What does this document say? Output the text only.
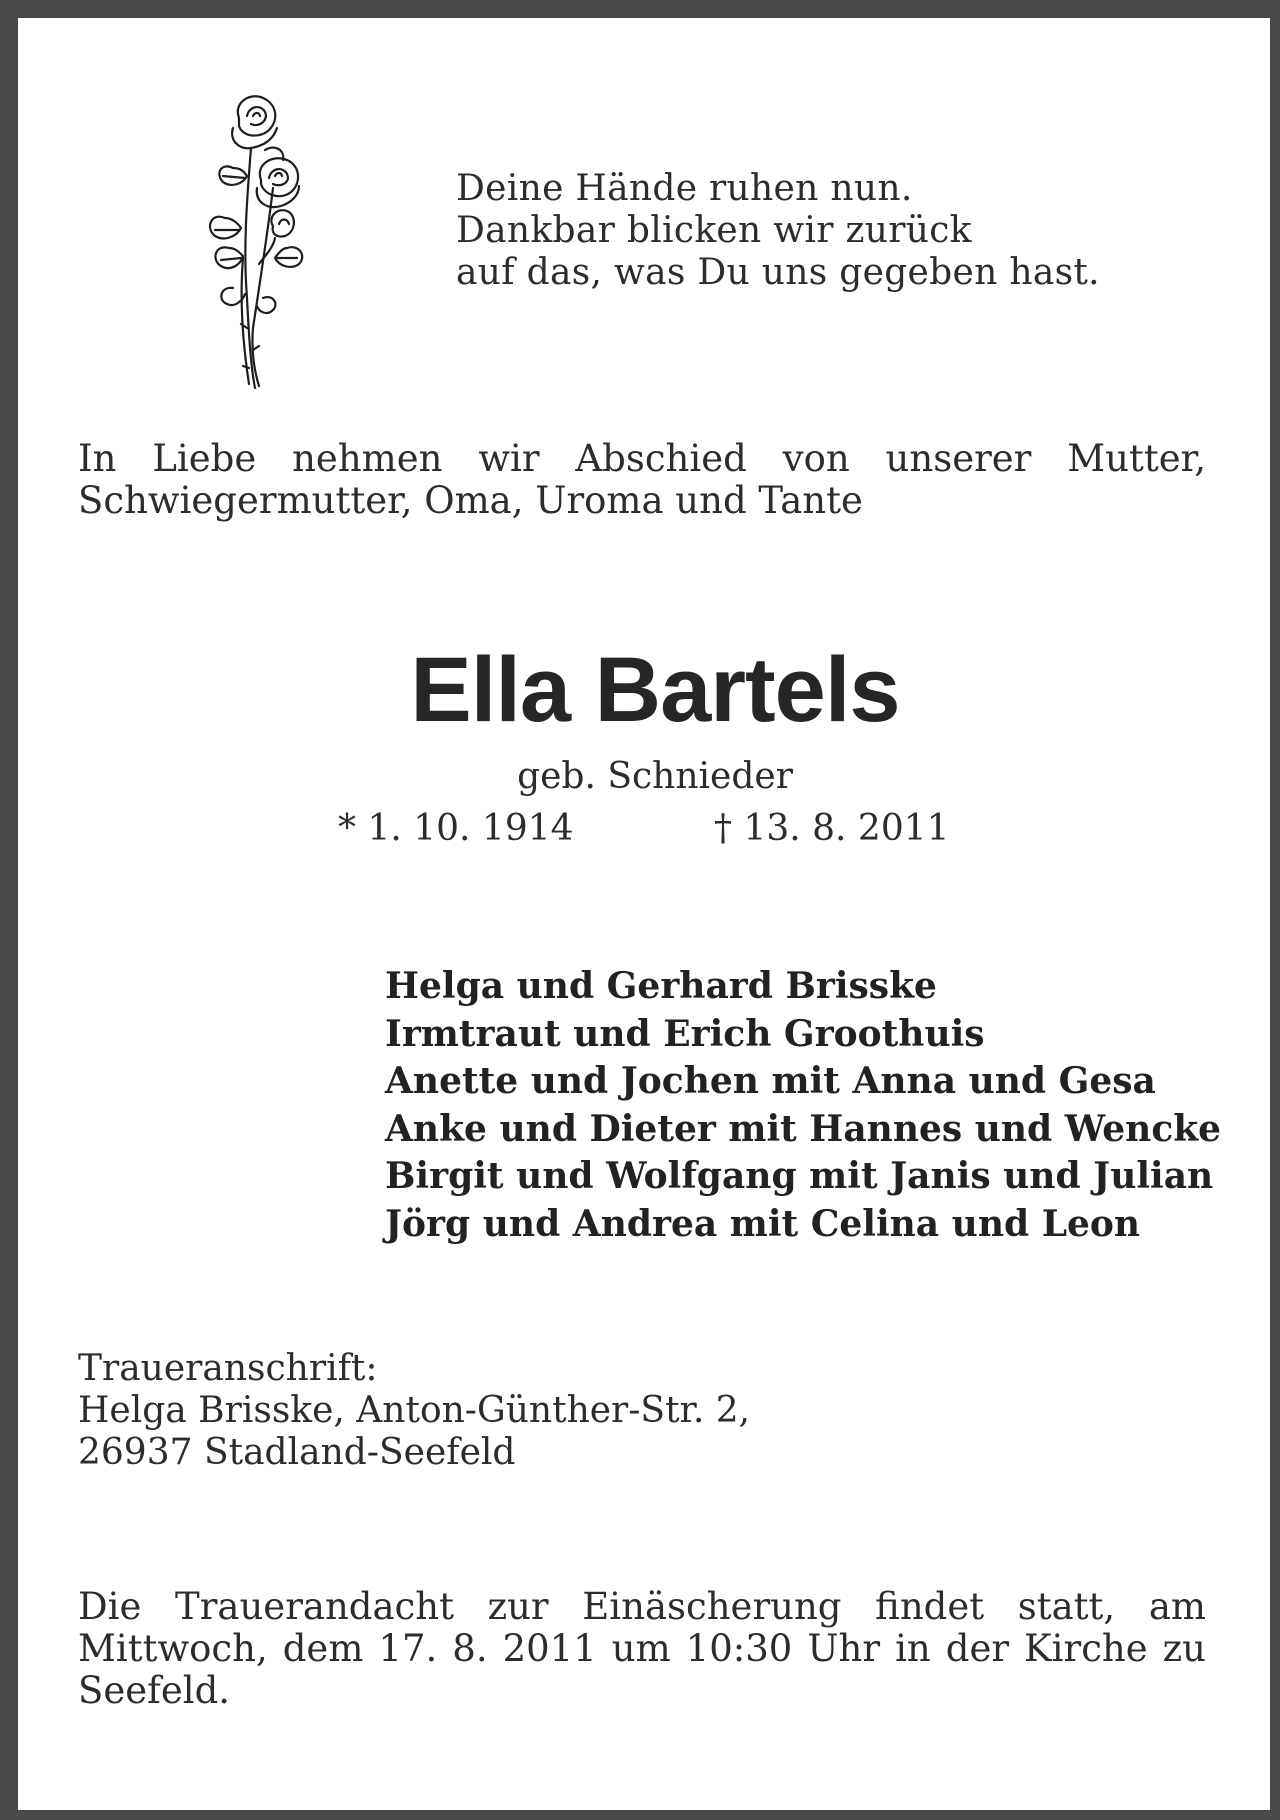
Deine Hände ruhen nun.
Dankbar blicken wir zurück
auf das, was Du uns gegeben hast.
In Liebe nehmen wir Abschied von unserer Mutter,
Schwiegermutter, Oma, Uroma und Tante
Ella Bartels
geb. Schnieder
* 1. 10. 1914	† 13. 8. 2011
Helga und Gerhard Brisske
Irmtraut und Erich Groothuis
Anette und Jochen mit Anna und Gesa
Anke und Dieter mit Hannes und Wencke
Birgit und Wolfgang mit Janis und Julian
Jörg und Andrea mit Celina und Leon
Traueranschrift:
Helga Brisske, Anton-Günther-Str. 2,
26937 Stadland-Seefeld
Die Trauerandacht zur Einäscherung findet statt, am
Mittwoch, dem 17. 8. 2011 um 10:30 Uhr in der Kirche zu
Seefeld.
